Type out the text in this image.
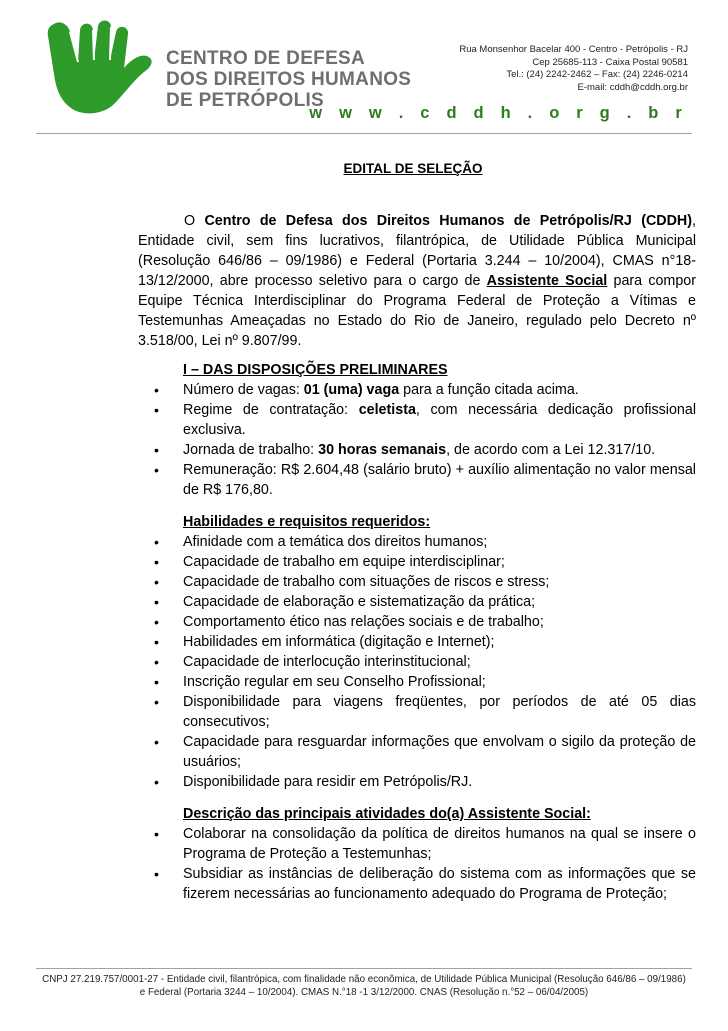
CENTRO DE DEFESA
DOS DIREITOS HUMANOS
DE PETRÓPOLIS
Rua Monsenhor Bacelar 400 - Centro - Petrópolis - RJ
Cep 25685-113 - Caixa Postal 90581
Tel.: (24) 2242-2462 – Fax: (24) 2246-0214
E-mail: cddh@cddh.org.br
w w w . c d d h . o r g . b r
EDITAL DE SELEÇÃO

O Centro de Defesa dos Direitos Humanos de Petrópolis/RJ (CDDH), Entidade civil, sem fins lucrativos, filantrópica, de Utilidade Pública Municipal (Resolução 646/86 – 09/1986) e Federal (Portaria 3.244 – 10/2004), CMAS n°18-13/12/2000, abre processo seletivo para o cargo de Assistente Social para compor Equipe Técnica Interdisciplinar do Programa Federal de Proteção a Vítimas e Testemunhas Ameaçadas no Estado do Rio de Janeiro, regulado pelo Decreto nº 3.518/00, Lei nº 9.807/99.

I – DAS DISPOSIÇÕES PRELIMINARES
• Número de vagas: 01 (uma) vaga para a função citada acima.
• Regime de contratação: celetista, com necessária dedicação profissional exclusiva.
• Jornada de trabalho: 30 horas semanais, de acordo com a Lei 12.317/10.
• Remuneração: R$ 2.604,48 (salário bruto) + auxílio alimentação no valor mensal de R$ 176,80.
Habilidades e requisitos requeridos:
• Afinidade com a temática dos direitos humanos;
• Capacidade de trabalho em equipe interdisciplinar;
• Capacidade de trabalho com situações de riscos e stress;
• Capacidade de elaboração e sistematização da prática;
• Comportamento ético nas relações sociais e de trabalho;
• Habilidades em informática (digitação e Internet);
• Capacidade de interlocução interinstitucional;
• Inscrição regular em seu Conselho Profissional;
• Disponibilidade para viagens freqüentes, por períodos de até 05 dias consecutivos;
• Capacidade para resguardar informações que envolvam o sigilo da proteção de usuários;
• Disponibilidade para residir em Petrópolis/RJ.
Descrição das principais atividades do(a) Assistente Social:
• Colaborar na consolidação da política de direitos humanos na qual se insere o Programa de Proteção a Testemunhas;
• Subsidiar as instâncias de deliberação do sistema com as informações que se fizerem necessárias ao funcionamento adequado do Programa de Proteção;
CNPJ 27.219.757/0001-27 - Entidade civil, filantrópica, com finalidade não econômica, de Utilidade Pública Municipal (Resolução 646/86 – 09/1986)
e Federal (Portaria 3244 – 10/2004). CMAS N.°18 -1 3/12/2000. CNAS (Resolução n.°52 – 06/04/2005)
